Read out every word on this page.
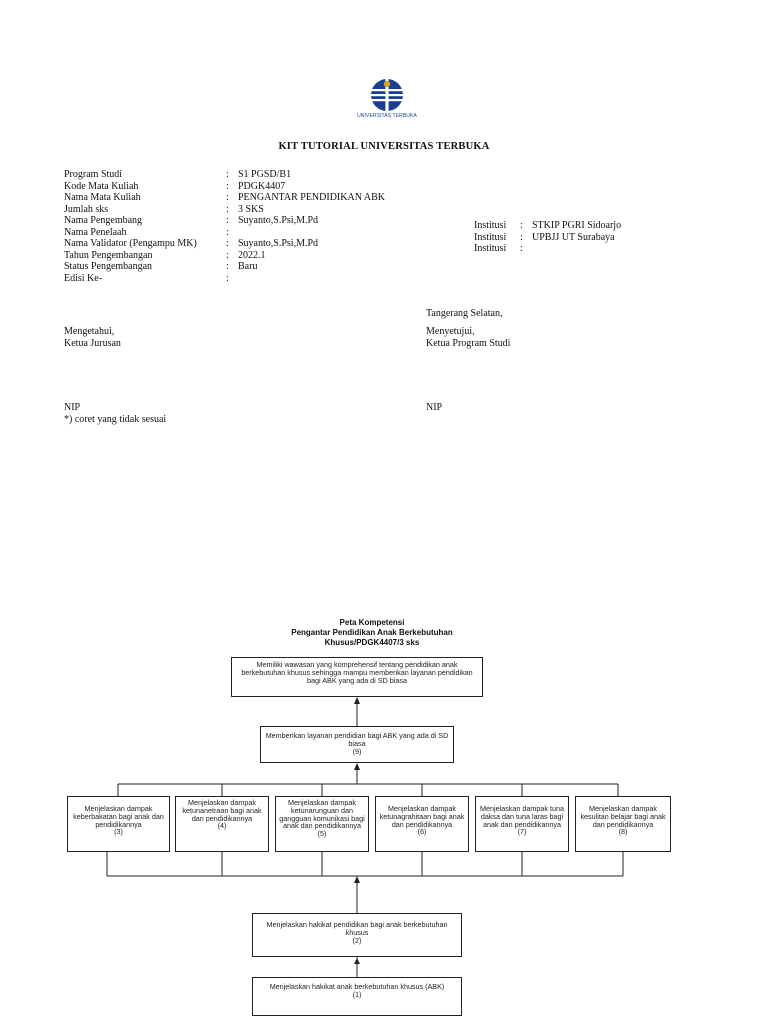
UNIVERSITAS TERBUKA
KIT TUTORIAL UNIVERSITAS TERBUKA
Program Studi	: S1 PGSD/B1
Kode Mata Kuliah	: PDGK4407
Nama Mata Kuliah	: PENGANTAR PENDIDIKAN ABK
Jumlah sks	: 3 SKS
Nama Pengembang	: Suyanto,S.Psi,M.Pd
Nama Penelaah	:
Nama Validator (Pengampu MK)	: Suyanto,S.Psi,M.Pd
Tahun Pengembangan	: 2022.1
Status Pengembangan	: Baru
Edisi Ke-	:
Institusi : STKIP PGRI Sidoarjo
Institusi : UPBJJ UT Surabaya
Institusi :
Tangerang Selatan,
Mengetahui,
Ketua Jurusan
Menyetujui,
Ketua Program Studi
NIP	NIP
*) coret yang tidak sesuai
Peta Kompetensi
Pengantar Pendidikan Anak Berkebutuhan
Khusus/PDGK4407/3 sks
Memiliki wawasan yang komprehensif tentang pendidikan anak berkebutuhan khusus sehingga mampu memberikan layanan pendidikan bagi ABK yang ada di SD biasa
Memberikan layanan pendidian bagi ABK yang ada di SD biasa
(9)
Menjelaskan dampak keberbakatan bagi anak dan pendidikannya
(3)
Menjelaskan dampak ketunanetraan bagi anak dan pendidikannya
(4)
Menjelaskan dampak ketunarunguan dan gangguan komunikasi bagi anak dan pendidikannya
(5)
Menjelaskan dampak ketunagrahitaan bagi anak dan pendidikannya
(6)
Menjelaskan dampak tuna daksa dan tuna laras bagi anak dan pendidikannya
(7)
Menjelaskan dampak kesulitan belajar bagi anak dan pendidikannya
(8)
Menjelaskan hakikat pendidikan bagi anak berkebutuhan khusus
(2)
Menjelaskan hakikat anak berkebutuhan khusus (ABK)
(1)
